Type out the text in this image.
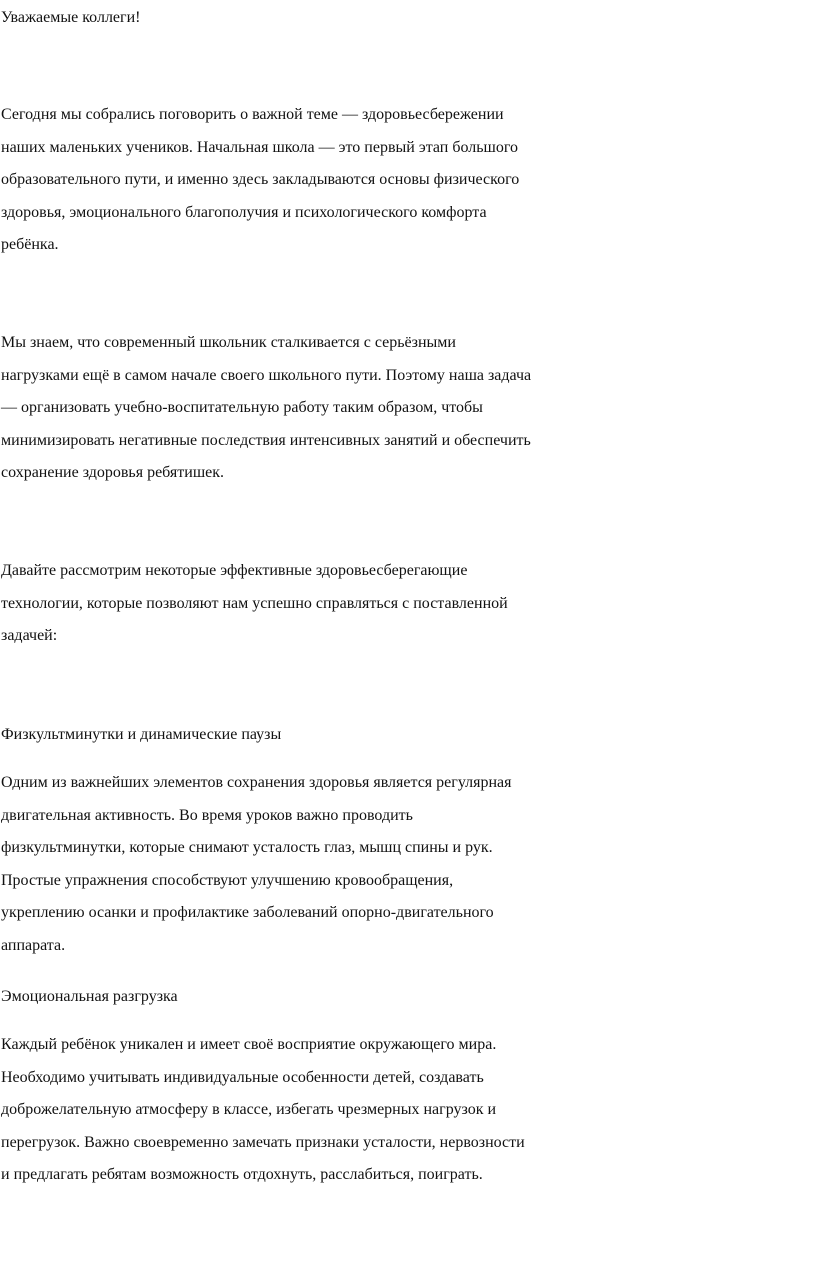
Уважаемые коллеги!
Сегодня мы собрались поговорить о важной теме — здоровьесбережении
наших маленьких учеников. Начальная школа — это первый этап большого
образовательного пути, и именно здесь закладываются основы физического
здоровья, эмоционального благополучия и психологического комфорта
ребёнка.
Мы знаем, что современный школьник сталкивается с серьёзными
нагрузками ещё в самом начале своего школьного пути. Поэтому наша задача
— организовать учебно-воспитательную работу таким образом, чтобы
минимизировать негативные последствия интенсивных занятий и обеспечить
сохранение здоровья ребятишек.
Давайте рассмотрим некоторые эффективные здоровьесберегающие
технологии, которые позволяют нам успешно справляться с поставленной
задачей:
Физкультминутки и динамические паузы
Одним из важнейших элементов сохранения здоровья является регулярная
двигательная активность. Во время уроков важно проводить
физкультминутки, которые снимают усталость глаз, мышц спины и рук.
Простые упражнения способствуют улучшению кровообращения,
укреплению осанки и профилактике заболеваний опорно-двигательного
аппарата.
Эмоциональная разгрузка
Каждый ребёнок уникален и имеет своё восприятие окружающего мира.
Необходимо учитывать индивидуальные особенности детей, создавать
доброжелательную атмосферу в классе, избегать чрезмерных нагрузок и
перегрузок. Важно своевременно замечать признаки усталости, нервозности
и предлагать ребятам возможность отдохнуть, расслабиться, поиграть.
